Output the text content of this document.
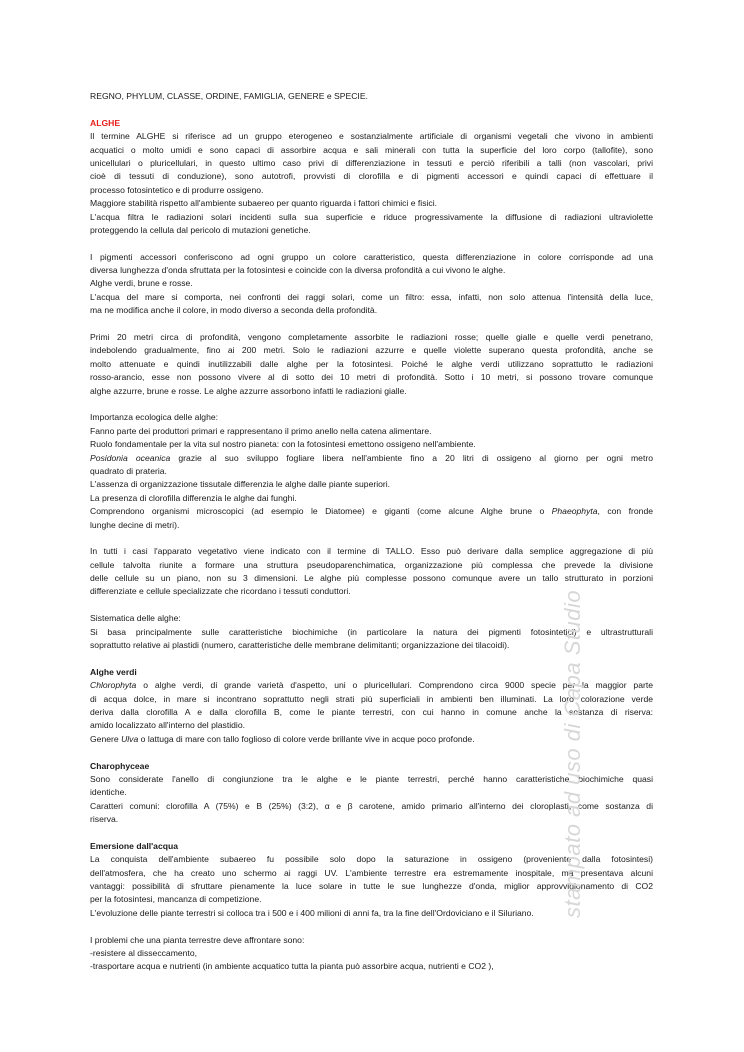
REGNO, PHYLUM, CLASSE, ORDINE, FAMIGLIA, GENERE e SPECIE.
ALGHE
Il termine ALGHE si riferisce ad un gruppo eterogeneo e sostanzialmente artificiale di organismi vegetali che vivono in ambienti
acquatici o molto umidi e sono capaci di assorbire acqua e sali minerali con tutta la superficie del loro corpo (tallofite), sono
unicellulari o pluricellulari, in questo ultimo caso privi di differenziazione in tessuti e perciò riferibili a talli (non vascolari, privi
cioè di tessuti di conduzione), sono autotrofi, provvisti di clorofilla e di pigmenti accessori e quindi capaci di effettuare il
processo fotosintetico e di produrre ossigeno.
Maggiore stabilità rispetto all'ambiente subaereo per quanto riguarda i fattori chimici e fisici.
L'acqua filtra le radiazioni solari incidenti sulla sua superficie e riduce progressivamente la diffusione di radiazioni ultraviolette
proteggendo la cellula dal pericolo di mutazioni genetiche.
I pigmenti accessori conferiscono ad ogni gruppo un colore caratteristico, questa differenziazione in colore corrisponde ad una
diversa lunghezza d'onda sfruttata per la fotosintesi e coincide con la diversa profondità a cui vivono le alghe.
Alghe verdi, brune e rosse.
L'acqua del mare si comporta, nei confronti dei raggi solari, come un filtro: essa, infatti, non solo attenua l'intensità della luce,
ma ne modifica anche il colore, in modo diverso a seconda della profondità.
Primi 20 metri circa di profondità, vengono completamente assorbite le radiazioni rosse; quelle gialle e quelle verdi penetrano,
indebolendo gradualmente, fino ai 200 metri. Solo le radiazioni azzurre e quelle violette superano questa profondità, anche se
molto attenuate e quindi inutilizzabili dalle alghe per la fotosintesi. Poiché le alghe verdi utilizzano soprattutto le radiazioni
rosso-arancio, esse non possono vivere al di sotto dei 10 metri di profondità. Sotto i 10 metri, si possono trovare comunque
alghe azzurre, brune e rosse. Le alghe azzurre assorbono infatti le radiazioni gialle.
Importanza ecologica delle alghe:
Fanno parte dei produttori primari e rappresentano il primo anello nella catena alimentare.
Ruolo fondamentale per la vita sul nostro pianeta: con la fotosintesi emettono ossigeno nell'ambiente.
Posidonia oceanica grazie al suo sviluppo fogliare libera nell'ambiente fino a 20 litri di ossigeno al giorno per ogni metro
quadrato di prateria.
L'assenza di organizzazione tissutale differenzia le alghe dalle piante superiori.
La presenza di clorofilla differenzia le alghe dai funghi.
Comprendono organismi microscopici (ad esempio le Diatomee) e giganti (come alcune Alghe brune o Phaeophyta, con fronde
lunghe decine di metri).
In tutti i casi l'apparato vegetativo viene indicato con il termine di TALLO. Esso può derivare dalla semplice aggregazione di più
cellule talvolta riunite a formare una struttura pseudoparenchimatica, organizzazione più complessa che prevede la divisione
delle cellule su un piano, non su 3 dimensioni. Le alghe più complesse possono comunque avere un tallo strutturato in porzioni
differenziate e cellule specializzate che ricordano i tessuti conduttori.
Sistematica delle alghe:
Si basa principalmente sulle caratteristiche biochimiche (in particolare la natura dei pigmenti fotosintetici) e ultrastrutturali
soprattutto relative ai plastidi (numero, caratteristiche delle membrane delimitanti; organizzazione dei tilacoidi).
Alghe verdi
Chlorophyta o alghe verdi, di grande varietà d'aspetto, uni o pluricellulari. Comprendono circa 9000 specie per la maggior parte
di acqua dolce, in mare si incontrano soprattutto negli strati più superficiali in ambienti ben illuminati. La loro colorazione verde
deriva dalla clorofilla A e dalla clorofilla B, come le piante terrestri, con cui hanno in comune anche la sostanza di riserva:
amido localizzato all'interno del plastidio.
Genere Ulva o lattuga di mare con tallo foglioso di colore verde brillante vive in acque poco profonde.
Charophyceae
Sono considerate l'anello di congiunzione tra le alghe e le piante terrestri, perché hanno caratteristiche biochimiche quasi
identiche.
Caratteri comuni: clorofilla A (75%) e B (25%) (3:2), α e β carotene, amido primario all'interno dei cloroplasti, come sostanza di
riserva.
Emersione dall'acqua
La conquista dell'ambiente subaereo fu possibile solo dopo la saturazione in ossigeno (proveniente dalla fotosintesi)
dell'atmosfera, che ha creato uno schermo ai raggi UV. L'ambiente terrestre era estremamente inospitale, ma presentava alcuni
vantaggi: possibilità di sfruttare pienamente la luce solare in tutte le sue lunghezze d'onda, miglior approvvigionamento di CO2
per la fotosintesi, mancanza di competizione.
L'evoluzione delle piante terrestri si colloca tra i 500 e i 400 milioni di anni fa, tra la fine dell'Ordoviciano e il Siluriano.
I problemi che una pianta terrestre deve affrontare sono:
-resistere al disseccamento,
-trasportare acqua e nutrienti (in ambiente acquatico tutta la pianta può assorbire acqua, nutrienti e CO2 ),
stampato ad uso di Capa Studio
